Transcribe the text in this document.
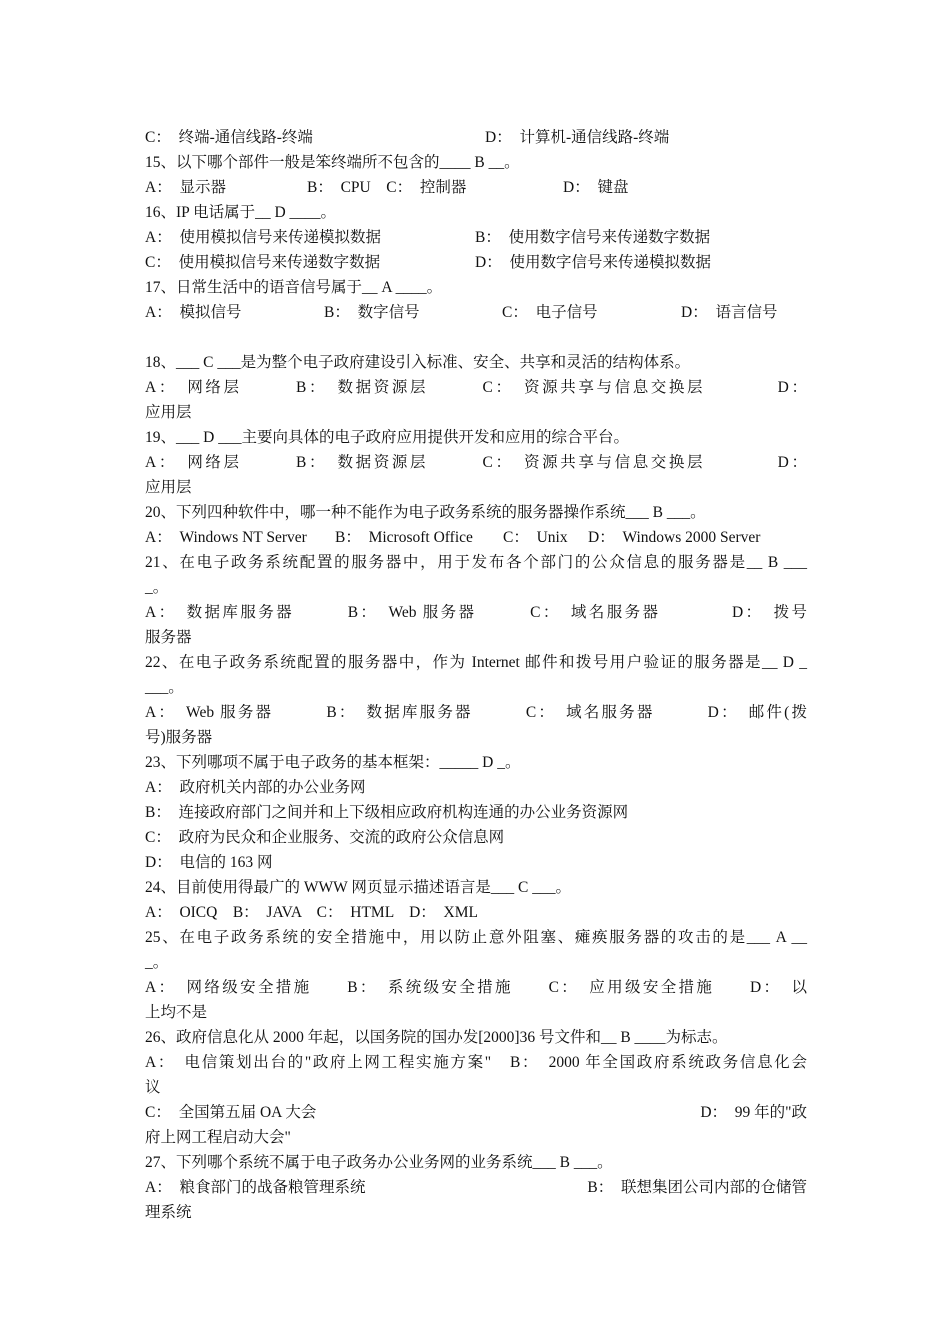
C：　终端-通信线路-终端	D：　计算机-通信线路-终端
15、以下哪个部件一般是笨终端所不包含的____ B __。
A：　显示器	B：　CPU　C：　控制器	D：　键盘
16、IP 电话属于__ D ____。
A：　使用模拟信号来传递模拟数据	B：　使用数字信号来传递数字数据
C：　使用模拟信号来传递数字数据	D：　使用数字信号来传递模拟数据
17、日常生活中的语音信号属于__ A ____。
A：　模拟信号	B：　数字信号	C：　电子信号	D：　语言信号
18、___ C ___是为整个电子政府建设引入标准、安全、共享和灵活的结构体系。
A：　网络层　　　B：　数据资源层　　　C：　资源共享与信息交换层　　　　D：
应用层
19、___ D ___主要向具体的电子政府应用提供开发和应用的综合平台。
A：　网络层　　　B：　数据资源层　　　C：　资源共享与信息交换层　　　　D：
应用层
20、下列四种软件中，哪一种不能作为电子政务系统的服务器操作系统___ B ___。
A：　Windows NT Server B：　Microsoft Office C：　Unix D：　Windows 2000 Server
21、在电子政务系统配置的服务器中，用于发布各个部门的公众信息的服务器是__ B ___
_。
A：　数据库服务器　　　B：　Web 服务器　　　C：　域名服务器　　　　D：　拨号
服务器
22、在电子政务系统配置的服务器中，作为 Internet 邮件和拨号用户验证的服务器是__ D _
___。
A：　Web 服务器　　　B：　数据库服务器　　　C：　域名服务器　　　D：　邮件(拨
号)服务器
23、下列哪项不属于电子政务的基本框架：_____ D _。
A：　政府机关内部的办公业务网
B：　连接政府部门之间并和上下级相应政府机构连通的办公业务资源网
C：　政府为民众和企业服务、交流的政府公众信息网
D：　电信的 163 网
24、目前使用得最广的 WWW 网页显示描述语言是___ C ___。
A：　OICQ　B：　JAVA　C：　HTML　D：　XML
25、在电子政务系统的安全措施中，用以防止意外阻塞、瘫痪服务器的攻击的是___ A __
_。
A：　网络级安全措施　　B：　系统级安全措施　　C：　应用级安全措施　　D：　以
上均不是
26、政府信息化从 2000 年起，以国务院的国办发[2000]36 号文件和__ B ____为标志。
A：　电信策划出台的"政府上网工程实施方案"　B：　2000 年全国政府系统政务信息化会
议
C：　全国第五届 OA 大会	D：　99 年的"政
府上网工程启动大会"
27、下列哪个系统不属于电子政务办公业务网的业务系统___ B ___。
A：　粮食部门的战备粮管理系统	B：　联想集团公司内部的仓储管
理系统
